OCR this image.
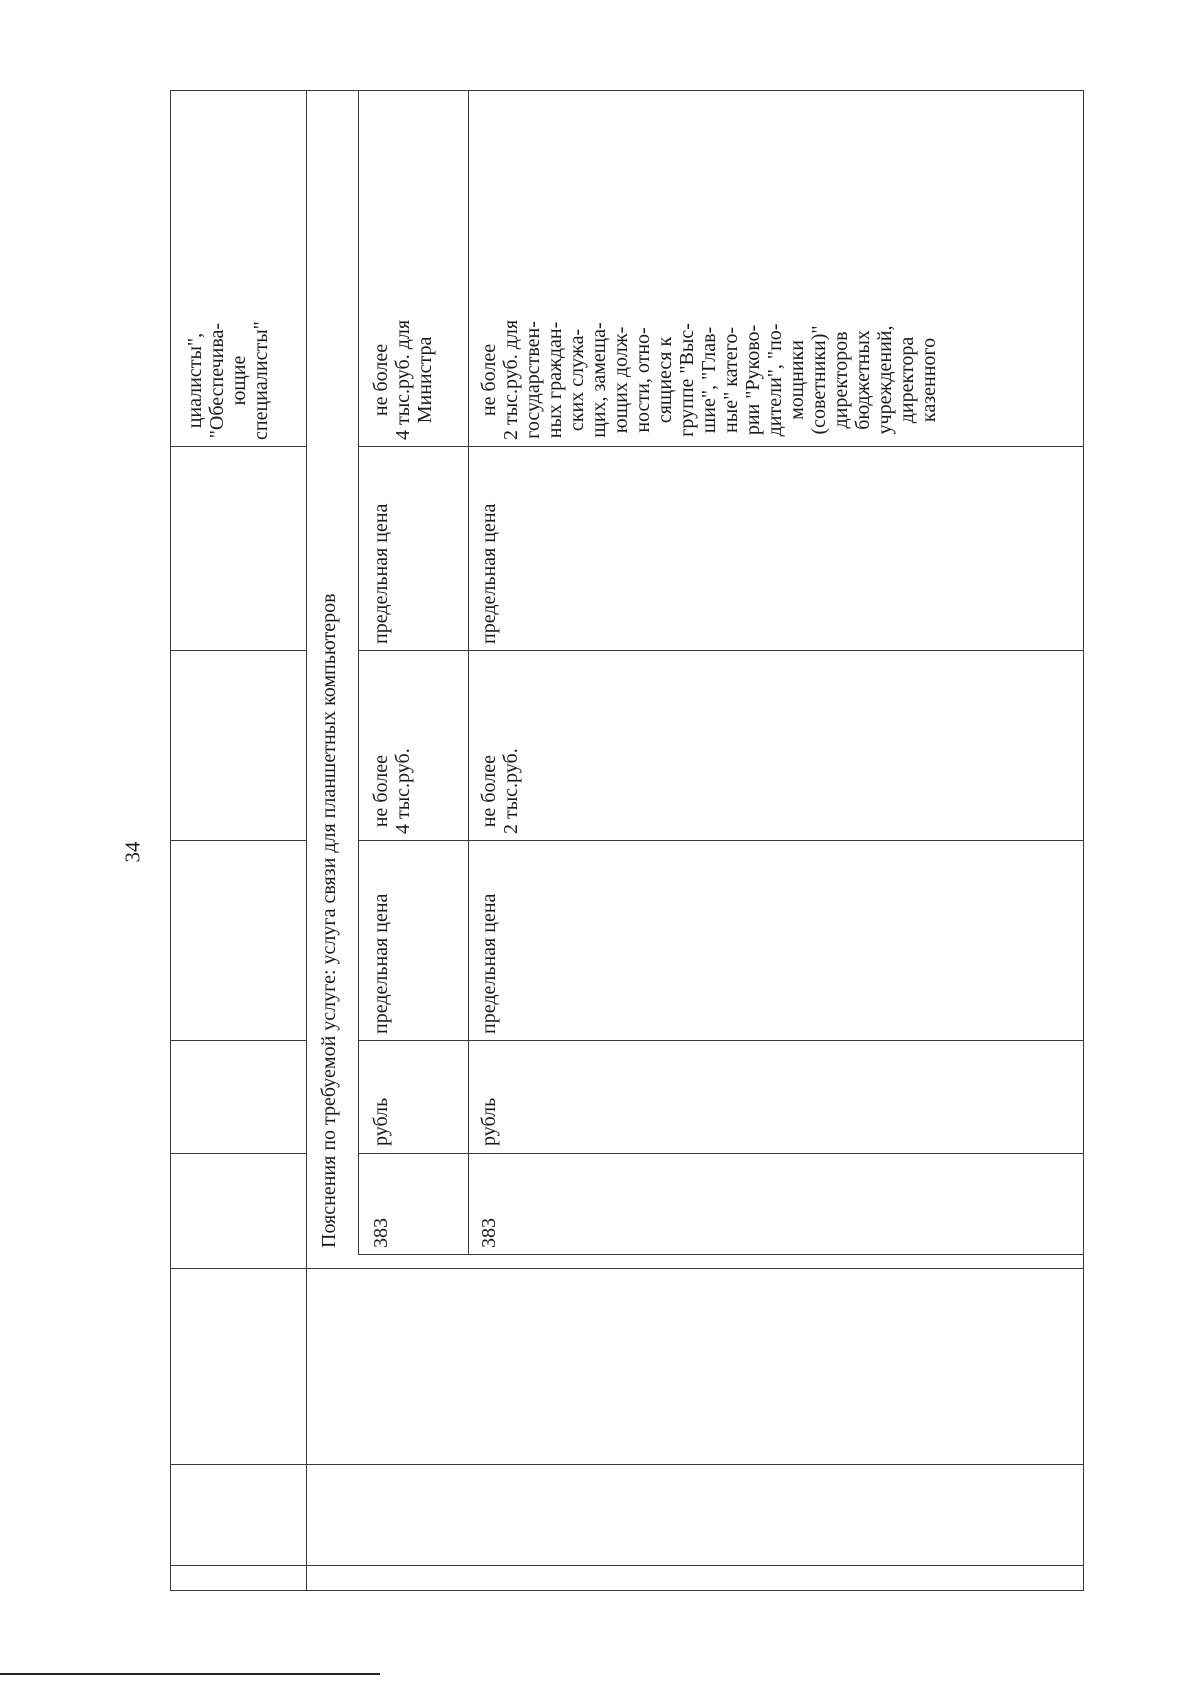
34
циалисты",
"Обеспечива-
ющие
специалисты"
Пояснения по требуемой услуге: услуга связи для планшетных компьютеров 383
рубль
предельная цена
не более
4 тыс.руб.
предельная цена
не более
4 тыс.руб. для
Министра
383
рубль
предельная цена
не более
2 тыс.руб.
предельная цена
не более
2 тыс.руб. для
государствен-
ных граждан-
ских служа-
щих, замеща-
ющих долж-
ности, отно-
сящиеся к
группе "Выс-
шие", "Глав-
ные" катего-
рии "Руково-
дители", "по-
мощники
(советники)"
директоров
бюджетных
учреждений,
директора
казенного
